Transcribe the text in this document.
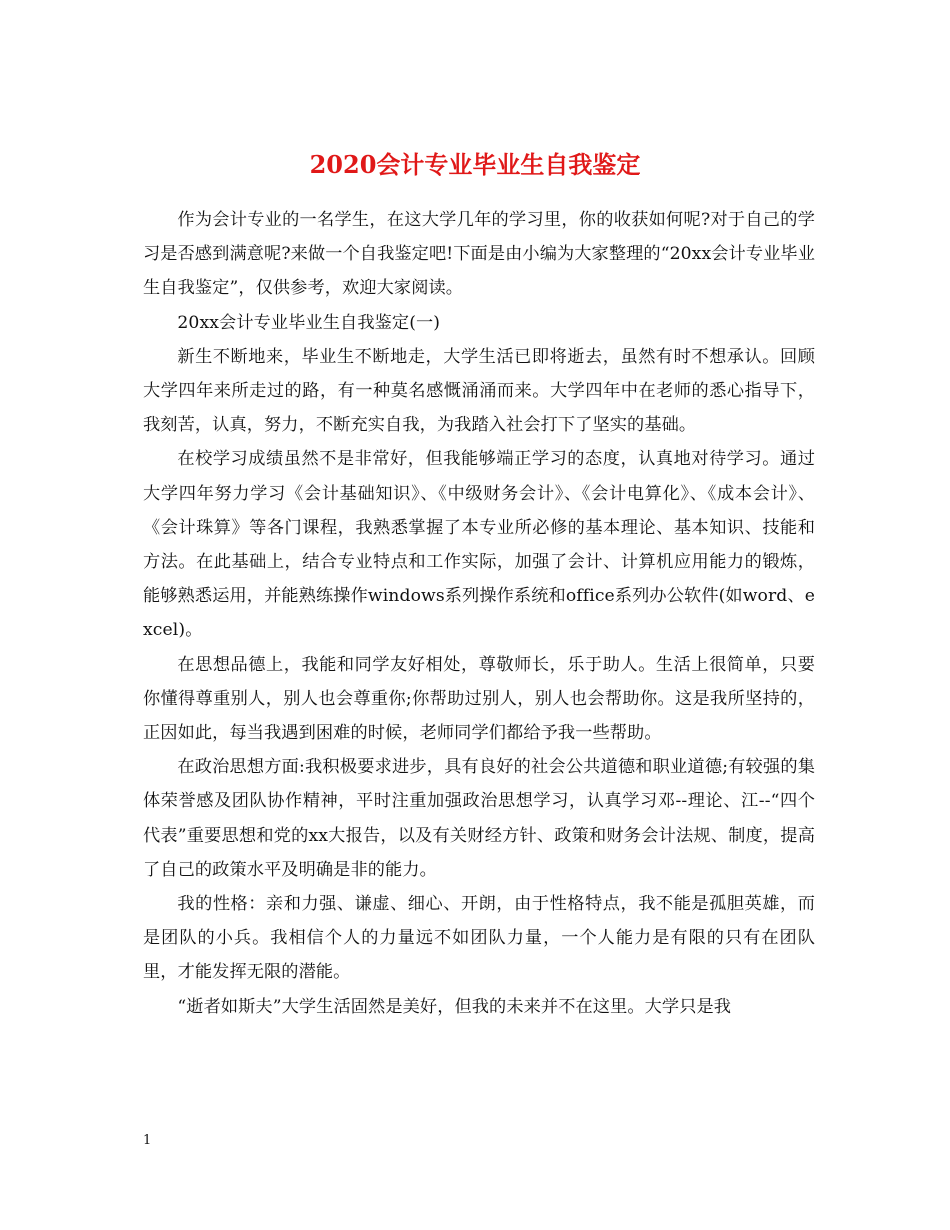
2020会计专业毕业生自我鉴定

作为会计专业的一名学生，在这大学几年的学习里，你的收获如何呢?对于自己的学习是否感到满意呢?来做一个自我鉴定吧!下面是由小编为大家整理的“20xx会计专业毕业生自我鉴定”，仅供参考，欢迎大家阅读。

20xx会计专业毕业生自我鉴定(一)

新生不断地来，毕业生不断地走，大学生活已即将逝去，虽然有时不想承认。回顾大学四年来所走过的路，有一种莫名感慨涌涌而来。大学四年中在老师的悉心指导下，我刻苦，认真，努力，不断充实自我，为我踏入社会打下了坚实的基础。

在校学习成绩虽然不是非常好，但我能够端正学习的态度，认真地对待学习。通过大学四年努力学习《会计基础知识》、《中级财务会计》、《会计电算化》、《成本会计》、《会计珠算》等各门课程，我熟悉掌握了本专业所必修的基本理论、基本知识、技能和方法。在此基础上，结合专业特点和工作实际，加强了会计、计算机应用能力的锻炼，能够熟悉运用，并能熟练操作windows系列操作系统和office系列办公软件(如word、excel)。

在思想品德上，我能和同学友好相处，尊敬师长，乐于助人。生活上很简单，只要你懂得尊重别人，别人也会尊重你;你帮助过别人，别人也会帮助你。这是我所坚持的，正因如此，每当我遇到困难的时候，老师同学们都给予我一些帮助。

在政治思想方面:我积极要求进步，具有良好的社会公共道德和职业道德;有较强的集体荣誉感及团队协作精神，平时注重加强政治思想学习，认真学习邓--理论、江--“四个代表”重要思想和党的xx大报告，以及有关财经方针、政策和财务会计法规、制度，提高了自己的政策水平及明确是非的能力。

我的性格：亲和力强、谦虚、细心、开朗，由于性格特点，我不能是孤胆英雄，而是团队的小兵。我相信个人的力量远不如团队力量，一个人能力是有限的只有在团队里，才能发挥无限的潜能。

“逝者如斯夫”大学生活固然是美好，但我的未来并不在这里。大学只是我

1
